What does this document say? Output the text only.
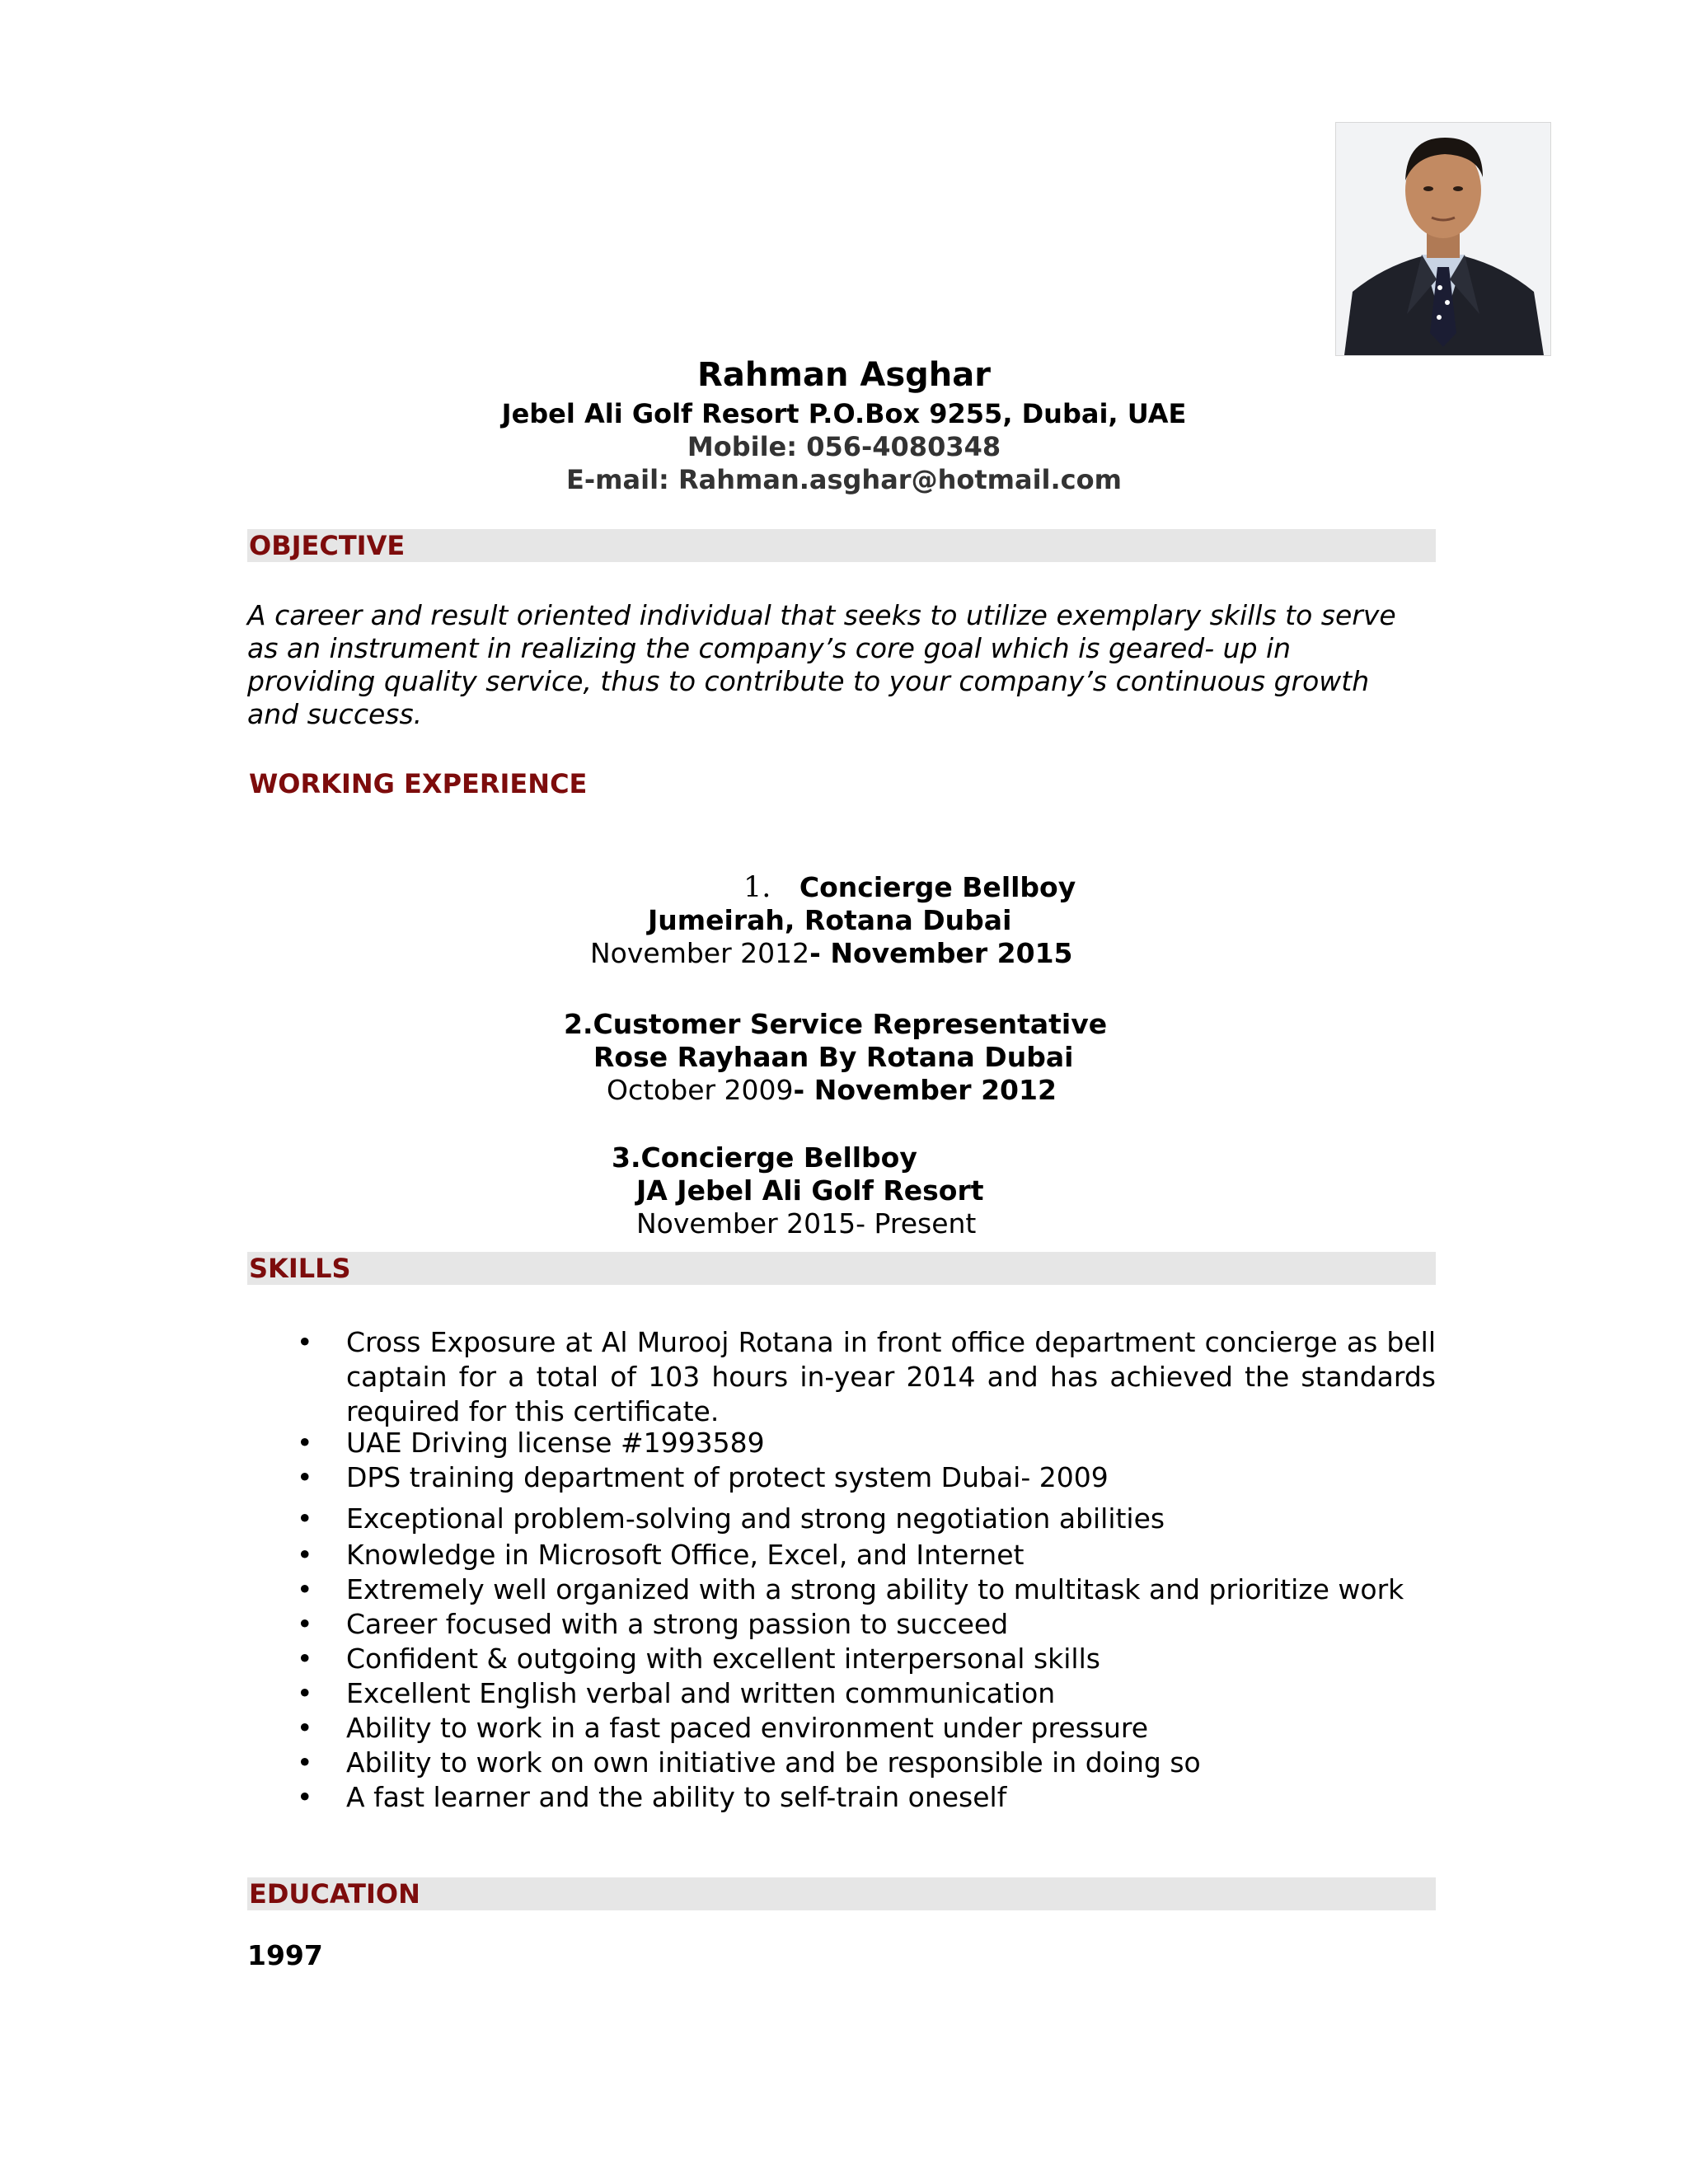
Rahman Asghar
Jebel Ali Golf Resort P.O.Box 9255, Dubai, UAE
Mobile: 056-4080348
E-mail: Rahman.asghar@hotmail.com
OBJECTIVE
A career and result oriented individual that seeks to utilize exemplary skills to serve
as an instrument in realizing the company’s core goal which is geared- up in
providing quality service, thus to contribute to your company’s continuous growth
and success.
WORKING EXPERIENCE
1. Concierge Bellboy
Jumeirah, Rotana Dubai
November 2012- November 2015
2.Customer Service Representative
Rose Rayhaan By Rotana Dubai
October 2009- November 2012
3.Concierge Bellboy
JA Jebel Ali Golf Resort
November 2015- Present
SKILLS
• Cross Exposure at Al Murooj Rotana in front office department concierge as bell captain for a total of 103 hours in-year 2014 and has achieved the standards required for this certificate.
• UAE Driving license #1993589
• DPS training department of protect system Dubai- 2009
• Exceptional problem-solving and strong negotiation abilities
• Knowledge in Microsoft Office, Excel, and Internet
• Extremely well organized with a strong ability to multitask and prioritize work
• Career focused with a strong passion to succeed
• Confident & outgoing with excellent interpersonal skills
• Excellent English verbal and written communication
• Ability to work in a fast paced environment under pressure
• Ability to work on own initiative and be responsible in doing so
• A fast learner and the ability to self-train oneself
EDUCATION
1997
